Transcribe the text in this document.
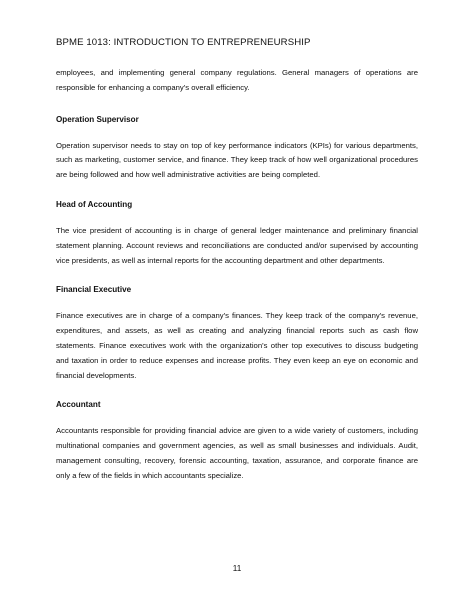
BPME 1013: INTRODUCTION TO ENTREPRENEURSHIP

employees, and implementing general company regulations. General managers of operations are responsible for enhancing a company's overall efficiency.

Operation Supervisor

Operation supervisor needs to stay on top of key performance indicators (KPIs) for various departments, such as marketing, customer service, and finance. They keep track of how well organizational procedures are being followed and how well administrative activities are being completed.

Head of Accounting

The vice president of accounting is in charge of general ledger maintenance and preliminary financial statement planning. Account reviews and reconciliations are conducted and/or supervised by accounting vice presidents, as well as internal reports for the accounting department and other departments.

Financial Executive

Finance executives are in charge of a company's finances. They keep track of the company's revenue, expenditures, and assets, as well as creating and analyzing financial reports such as cash flow statements. Finance executives work with the organization's other top executives to discuss budgeting and taxation in order to reduce expenses and increase profits. They even keep an eye on economic and financial developments.

Accountant

Accountants responsible for providing financial advice are given to a wide variety of customers, including multinational companies and government agencies, as well as small businesses and individuals. Audit, management consulting, recovery, forensic accounting, taxation, assurance, and corporate finance are only a few of the fields in which accountants specialize.

11
